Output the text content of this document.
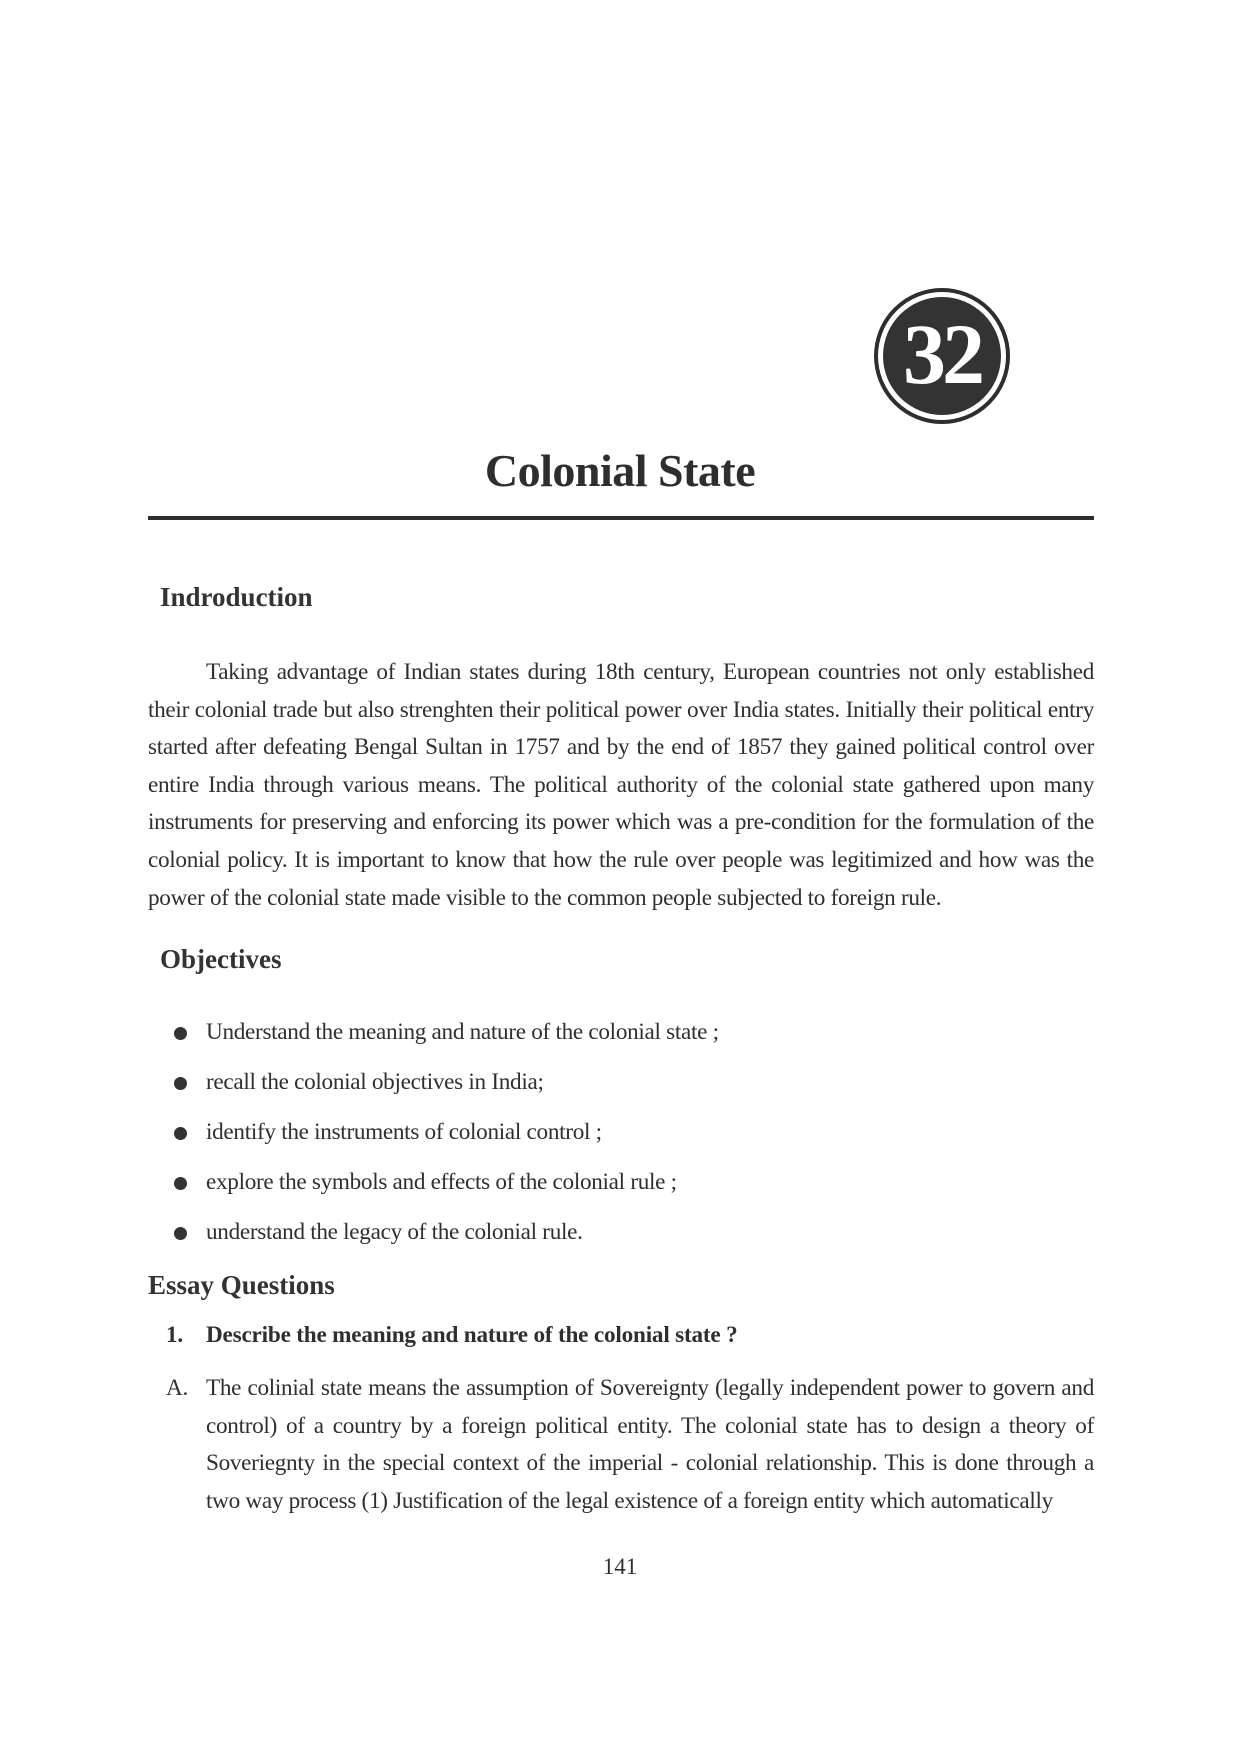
32
Colonial State
Indroduction

Taking advantage of Indian states during 18th century, European countries not only established their colonial trade but also strenghten their political power over India states. Initially their political entry started after defeating Bengal Sultan in 1757 and by the end of 1857 they gained political control over entire India through various means. The political authority of the colonial state gathered upon many instruments for preserving and enforcing its power which was a pre-condition for the formulation of the colonial policy. It is important to know that how the rule over people was legitimized and how was the power of the colonial state made visible to the common people subjected to foreign rule.

Objectives
Understand the meaning and nature of the colonial state ;
recall the colonial objectives in India;
identify the instruments of colonial control ;
explore the symbols and effects of the colonial rule ;
understand the legacy of the colonial rule.
Essay Questions

1. Describe the meaning and nature of the colonial state ?

A. The colinial state means the assumption of Sovereignty (legally independent power to govern and control) of a country by a foreign political entity. The colonial state has to design a theory of Soveriegnty in the special context of the imperial - colonial relationship. This is done through a two way process (1) Justification of the legal existence of a foreign entity which automatically

141
